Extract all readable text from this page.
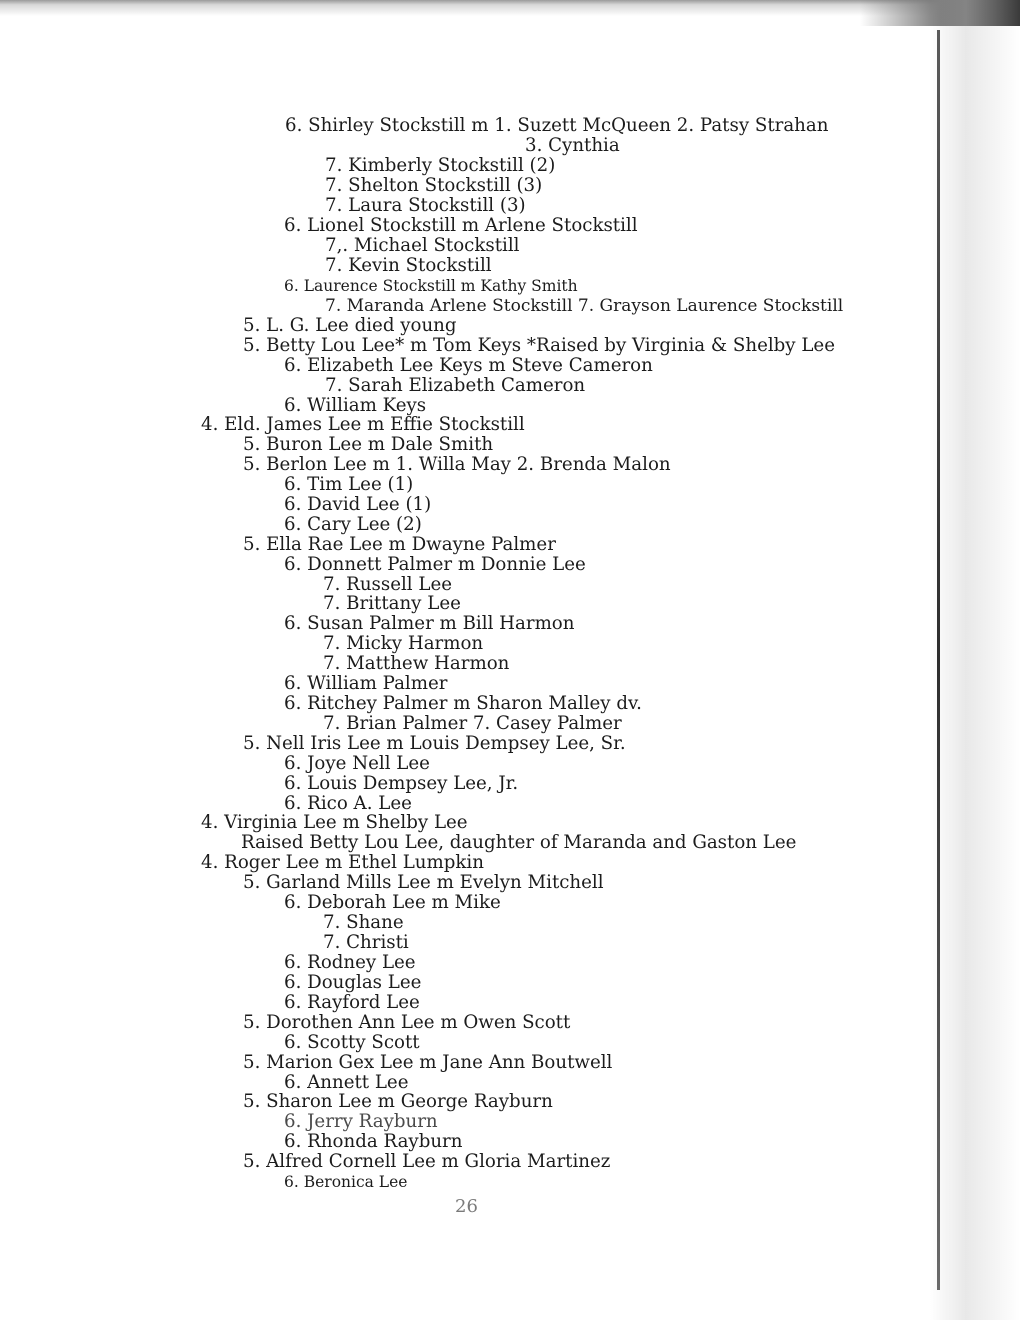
6. Shirley Stockstill m 1. Suzett McQueen 2. Patsy Strahan
3. Cynthia
7. Kimberly Stockstill (2)
7. Shelton Stockstill (3)
7. Laura Stockstill (3)
6. Lionel Stockstill m Arlene Stockstill
7,. Michael Stockstill
7. Kevin Stockstill
6. Laurence Stockstill m Kathy Smith
7. Maranda Arlene Stockstill 7. Grayson Laurence Stockstill
5. L. G. Lee died young
5. Betty Lou Lee* m Tom Keys *Raised by Virginia & Shelby Lee
6. Elizabeth Lee Keys m Steve Cameron
7. Sarah Elizabeth Cameron
6. William Keys
4. Eld. James Lee m Effie Stockstill
5. Buron Lee m Dale Smith
5. Berlon Lee m 1. Willa May 2. Brenda Malon
6. Tim Lee (1)
6. David Lee (1)
6. Cary Lee (2)
5. Ella Rae Lee m Dwayne Palmer
6. Donnett Palmer m Donnie Lee
7. Russell Lee
7. Brittany Lee
6. Susan Palmer m Bill Harmon
7. Micky Harmon
7. Matthew Harmon
6. William Palmer
6. Ritchey Palmer m Sharon Malley dv.
7. Brian Palmer 7. Casey Palmer
5. Nell Iris Lee m Louis Dempsey Lee, Sr.
6. Joye Nell Lee
6. Louis Dempsey Lee, Jr.
6. Rico A. Lee
4. Virginia Lee m Shelby Lee
Raised Betty Lou Lee, daughter of Maranda and Gaston Lee
4. Roger Lee m Ethel Lumpkin
5. Garland Mills Lee m Evelyn Mitchell
6. Deborah Lee m Mike
7. Shane
7. Christi
6. Rodney Lee
6. Douglas Lee
6. Rayford Lee
5. Dorothen Ann Lee m Owen Scott
6. Scotty Scott
5. Marion Gex Lee m Jane Ann Boutwell
6. Annett Lee
5. Sharon Lee m George Rayburn
6. Jerry Rayburn
6. Rhonda Rayburn
5. Alfred Cornell Lee m Gloria Martinez
6. Beronica Lee
26
